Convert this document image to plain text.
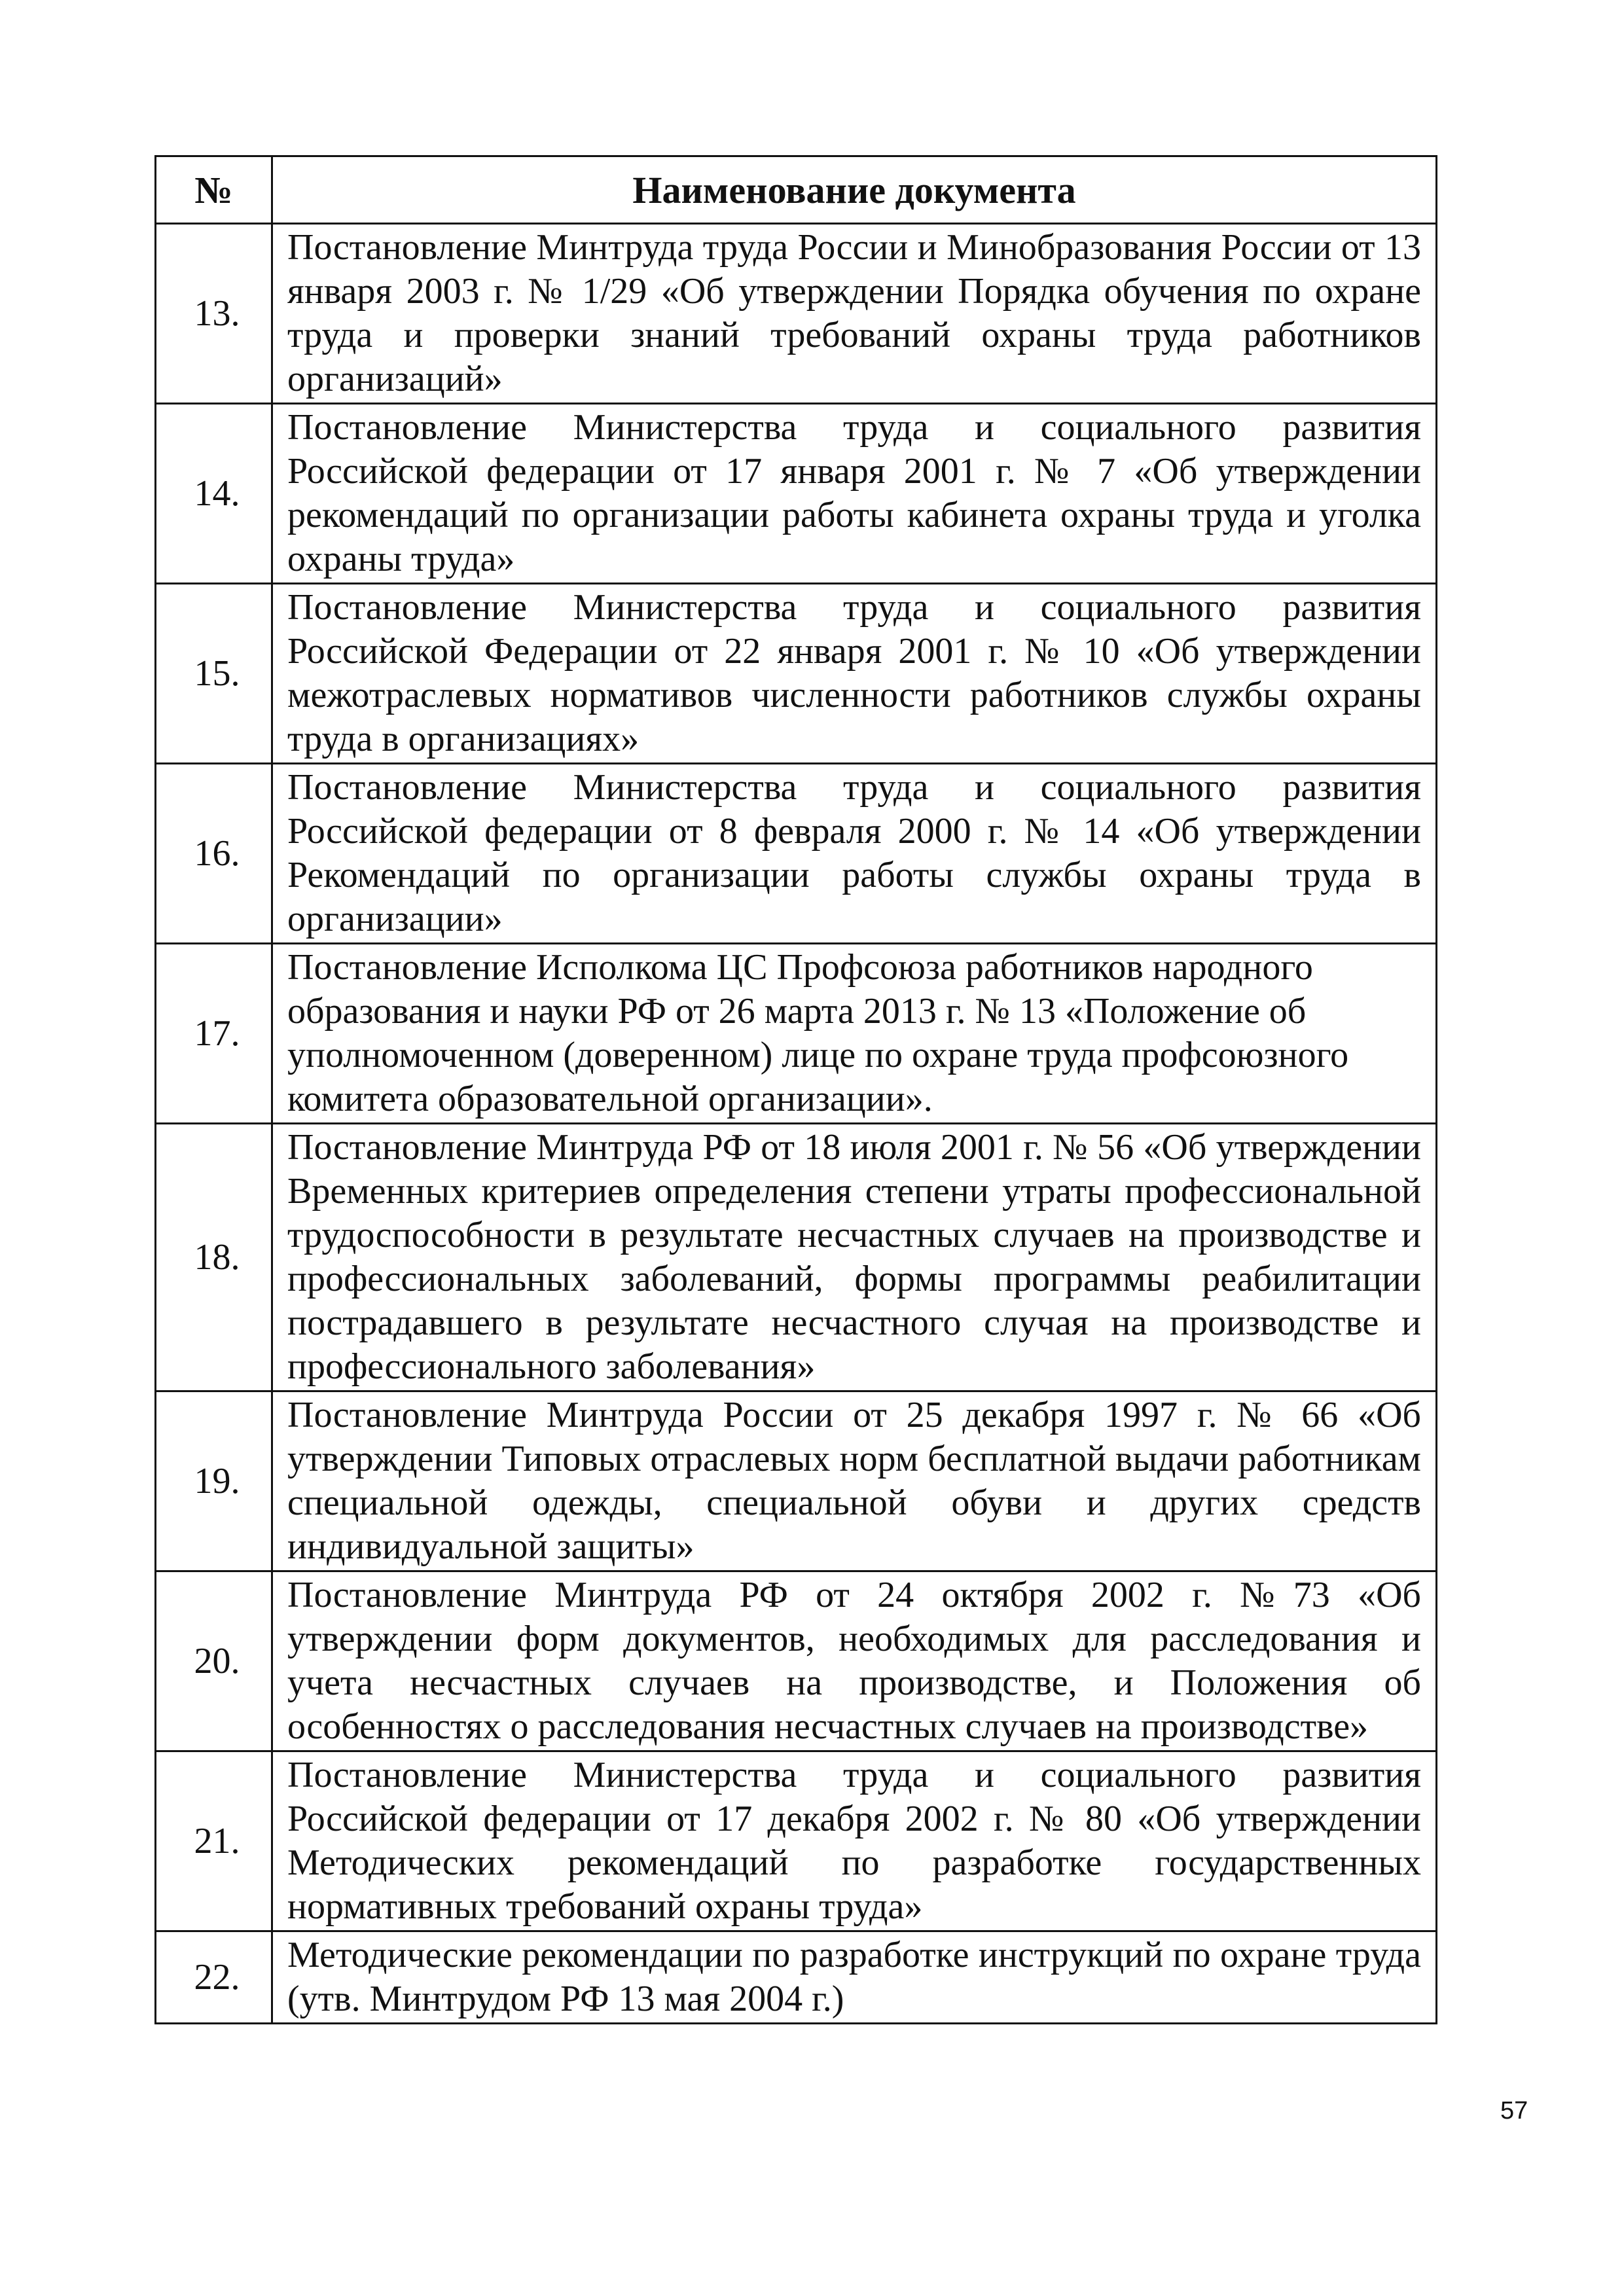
№	Наименование документа
13.	Постановление Минтруда труда России и Минобразования России от 13 января 2003 г. № 1/29 «Об утверждении Порядка обучения по охране труда и проверки знаний требований охраны труда работников организаций»
14.	Постановление Министерства труда и социального развития Российской федерации от 17 января 2001 г. № 7 «Об утверждении рекомендаций по организации работы кабинета охраны труда и уголка охраны труда»
15.	Постановление Министерства труда и социального развития Российской Федерации от 22 января 2001 г. № 10 «Об утверждении межотраслевых нормативов численности работников службы охраны труда в организациях»
16.	Постановление Министерства труда и социального развития Российской федерации от 8 февраля 2000 г. № 14 «Об утверждении Рекомендаций по организации работы службы охраны труда в организации»
17.	Постановление Исполкома ЦС Профсоюза работников народного образования и науки РФ от 26 марта 2013 г. № 13 «Положение об уполномоченном (доверенном) лице по охране труда профсоюзного комитета образовательной организации».
18.	Постановление Минтруда РФ от 18 июля 2001 г. № 56 «Об утверждении Временных критериев определения степени утраты профессиональной трудоспособности в результате несчастных случаев на производстве и профессиональных заболеваний, формы программы реабилитации пострадавшего в результате несчастного случая на производстве и профессионального заболевания»
19.	Постановление Минтруда России от 25 декабря 1997 г. № 66 «Об утверждении Типовых отраслевых норм бесплатной выдачи работникам специальной одежды, специальной обуви и других средств индивидуальной защиты»
20.	Постановление Минтруда РФ от 24 октября 2002 г. №73 «Об утверждении форм документов, необходимых для расследования и учета несчастных случаев на производстве, и Положения об особенностях о расследования несчастных случаев на производстве»
21.	Постановление Министерства труда и социального развития Российской федерации от 17 декабря 2002 г. № 80 «Об утверждении Методических рекомендаций по разработке государственных нормативных требований охраны труда»
22.	Методические рекомендации по разработке инструкций по охране труда (утв. Минтрудом РФ 13 мая 2004 г.)
57
